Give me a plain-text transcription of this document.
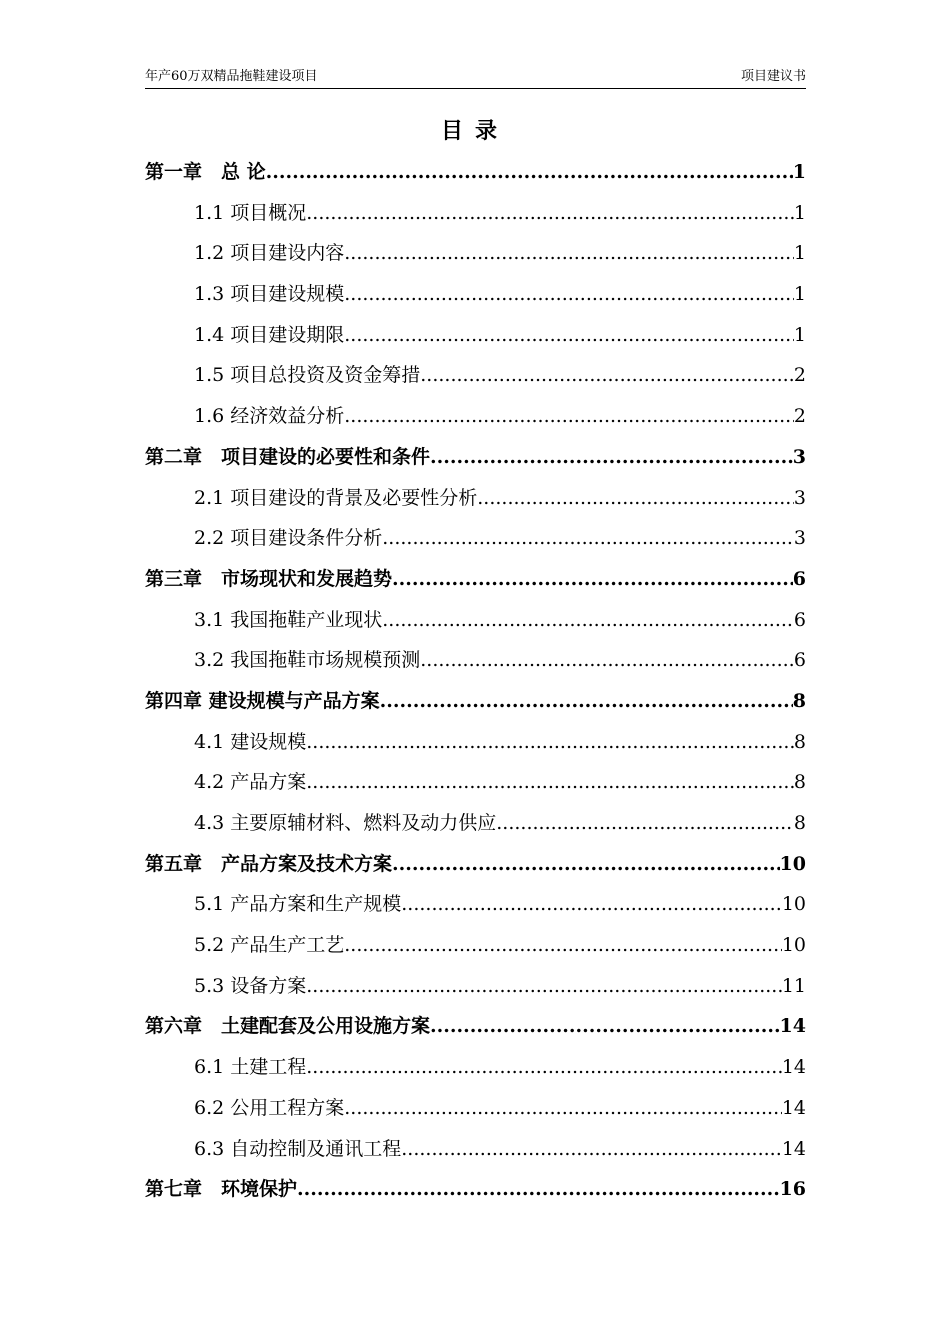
年产60万双精品拖鞋建设项目	项目建议书
目录
第一章　总 论 .....	1
1.1 项目概况 .....	1
1.2 项目建设内容 .....	1
1.3 项目建设规模 .....	1
1.4 项目建设期限 .....	1
1.5 项目总投资及资金筹措 .....	2
1.6 经济效益分析 .....	2
第二章　项目建设的必要性和条件 .....	3
2.1 项目建设的背景及必要性分析 .....	3
2.2 项目建设条件分析 .....	3
第三章　市场现状和发展趋势 .....	6
3.1 我国拖鞋产业现状 .....	6
3.2 我国拖鞋市场规模预测 .....	6
第四章 建设规模与产品方案 .....	8
4.1 建设规模 .....	8
4.2 产品方案 .....	8
4.3 主要原辅材料、燃料及动力供应 .....	8
第五章　产品方案及技术方案 .....	10
5.1 产品方案和生产规模 .....	10
5.2 产品生产工艺 .....	10
5.3 设备方案 .....	11
第六章　土建配套及公用设施方案 .....	14
6.1 土建工程 .....	14
6.2 公用工程方案 .....	14
6.3 自动控制及通讯工程 .....	14
第七章　环境保护 .....	16
